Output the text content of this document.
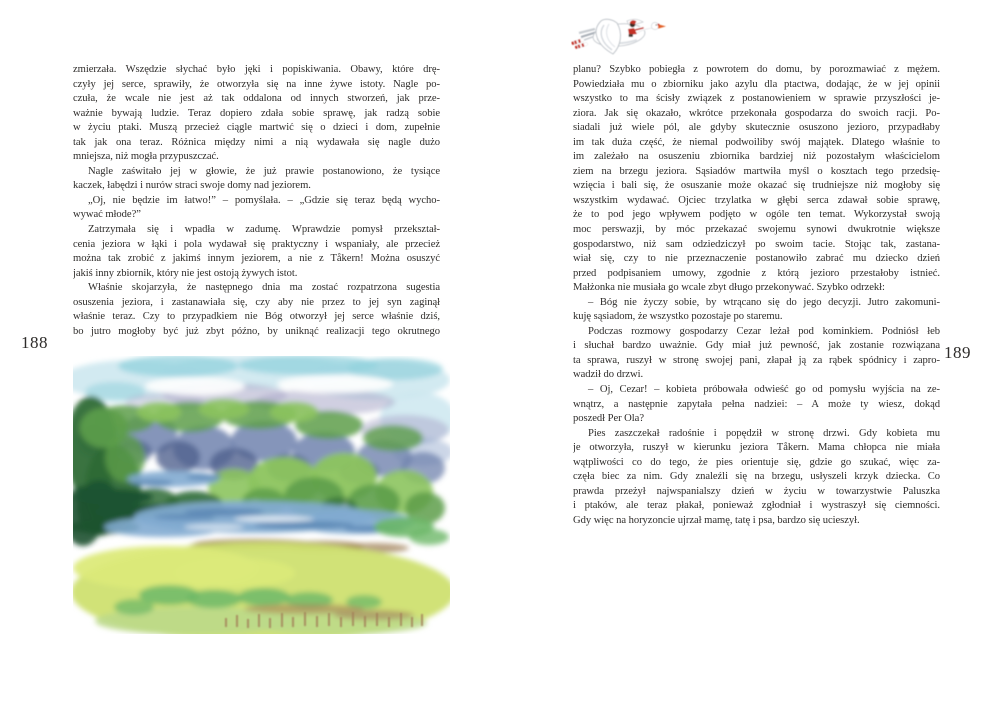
188
zmierzała. Wszędzie słychać było jęki i popiskiwania. Obawy, które drę-
czyły jej serce, sprawiły, że otworzyła się na inne żywe istoty. Nagle po-
czuła, że wcale nie jest aż tak oddalona od innych stworzeń, jak prze-
ważnie bywają ludzie. Teraz dopiero zdała sobie sprawę, jak radzą sobie
w życiu ptaki. Muszą przecież ciągle martwić się o dzieci i dom, zupełnie
tak jak ona teraz. Różnica między nimi a nią wydawała się nagle dużo
mniejsza, niż mogła przypuszczać.
Nagle zaświtało jej w głowie, że już prawie postanowiono, że tysiące
kaczek, łabędzi i nurów straci swoje domy nad jeziorem.
„Oj, nie będzie im łatwo!” – pomyślała. – „Gdzie się teraz będą wycho-
wywać młode?”
Zatrzymała się i wpadła w zadumę. Wprawdzie pomysł przekształ-
cenia jeziora w łąki i pola wydawał się praktyczny i wspaniały, ale przecież
można tak zrobić z jakimś innym jeziorem, a nie z Tåkern! Można osuszyć
jakiś inny zbiornik, który nie jest ostoją żywych istot.
Właśnie skojarzyła, że następnego dnia ma zostać rozpatrzona sugestia
osuszenia jeziora, i zastanawiała się, czy aby nie przez to jej syn zaginął
właśnie teraz. Czy to przypadkiem nie Bóg otworzył jej serce właśnie dziś,
bo jutro mogłoby być już zbyt późno, by uniknąć realizacji tego okrutnego
189
planu? Szybko pobiegła z powrotem do domu, by porozmawiać z mężem.
Powiedziała mu o zbiorniku jako azylu dla ptactwa, dodając, że w jej opinii
wszystko to ma ścisły związek z postanowieniem w sprawie przyszłości je-
ziora. Jak się okazało, wkrótce przekonała gospodarza do swoich racji. Po-
siadali już wiele pól, ale gdyby skutecznie osuszono jezioro, przypadłaby
im tak duża część, że niemal podwoiliby swój majątek. Dlatego właśnie to
im zależało na osuszeniu zbiornika bardziej niż pozostałym właścicielom
ziem na brzegu jeziora. Sąsiadów martwiła myśl o kosztach tego przedsię-
wzięcia i bali się, że osuszanie może okazać się trudniejsze niż mogłoby się
wszystkim wydawać. Ojciec trzylatka w głębi serca zdawał sobie sprawę,
że to pod jego wpływem podjęto w ogóle ten temat. Wykorzystał swoją
moc perswazji, by móc przekazać swojemu synowi dwukrotnie większe
gospodarstwo, niż sam odziedziczył po swoim tacie. Stojąc tak, zastana-
wiał się, czy to nie przeznaczenie postanowiło zabrać mu dziecko dzień
przed podpisaniem umowy, zgodnie z którą jezioro przestałoby istnieć.
Małżonka nie musiała go wcale zbyt długo przekonywać. Szybko odrzekł:
– Bóg nie życzy sobie, by wtrącano się do jego decyzji. Jutro zakomuni-
kuję sąsiadom, że wszystko pozostaje po staremu.
Podczas rozmowy gospodarzy Cezar leżał pod kominkiem. Podniósł łeb
i słuchał bardzo uważnie. Gdy miał już pewność, jak zostanie rozwiązana
ta sprawa, ruszył w stronę swojej pani, złapał ją za rąbek spódnicy i zapro-
wadził do drzwi.
– Oj, Cezar! – kobieta próbowała odwieść go od pomysłu wyjścia na ze-
wnątrz, a następnie zapytała pełna nadziei: – A może ty wiesz, dokąd
poszedł Per Ola?
Pies zaszczekał radośnie i popędził w stronę drzwi. Gdy kobieta mu
je otworzyła, ruszył w kierunku jeziora Tåkern. Mama chłopca nie miała
wątpliwości co do tego, że pies orientuje się, gdzie go szukać, więc za-
częła biec za nim. Gdy znaleźli się na brzegu, usłyszeli krzyk dziecka. Co
prawda przeżył najwspanialszy dzień w życiu w towarzystwie Paluszka
i ptaków, ale teraz płakał, ponieważ zgłodniał i wystraszył się ciemności.
Gdy więc na horyzoncie ujrzał mamę, tatę i psa, bardzo się ucieszył.
